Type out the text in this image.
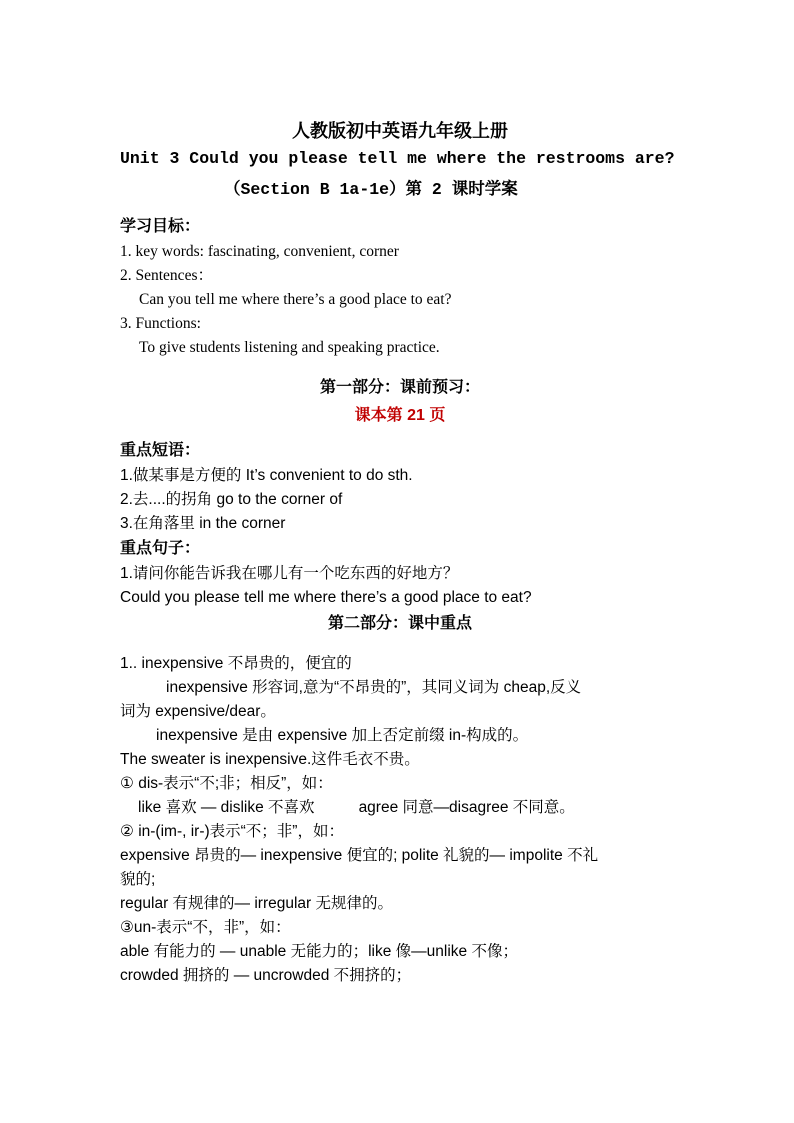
人教版初中英语九年级上册

Unit 3 Could you please tell me where the restrooms are?

（Section B 1a-1e）第 2 课时学案

学习目标：

1. key words: fascinating, convenient, corner

2. Sentences：

Can you tell me where there’s a good place to eat?

3. Functions:

To give students listening and speaking practice.

第一部分：课前预习：
课本第 21 页
重点短语：

1.做某事是方便的 It’s convenient to do sth.

2.去....的拐角 go to the corner of

3.在角落里 in the corner

重点句子：

1.请问你能告诉我在哪儿有一个吃东西的好地方？

Could you please tell me where there’s a good place to eat?

第二部分：课中重点

1.. inexpensive 不昂贵的，便宜的

inexpensive 形容词,意为“不昂贵的”，其同义词为 cheap,反义

词为 expensive/dear。

inexpensive 是由 expensive 加上否定前缀 in-构成的。

The sweater is inexpensive.这件毛衣不贵。

① dis-表示“不;非；相反”，如：

like 喜欢 — dislike 不喜欢	agree 同意—disagree 不同意。

② in-(im-, ir-)表示“不；非”，如：

expensive 昂贵的— inexpensive 便宜的; polite 礼貌的— impolite 不礼

貌的;

regular 有规律的— irregular 无规律的。

③un-表示“不，非”，如：

able 有能力的 — unable 无能力的；like 像—unlike 不像；

crowded 拥挤的 — uncrowded 不拥挤的；
